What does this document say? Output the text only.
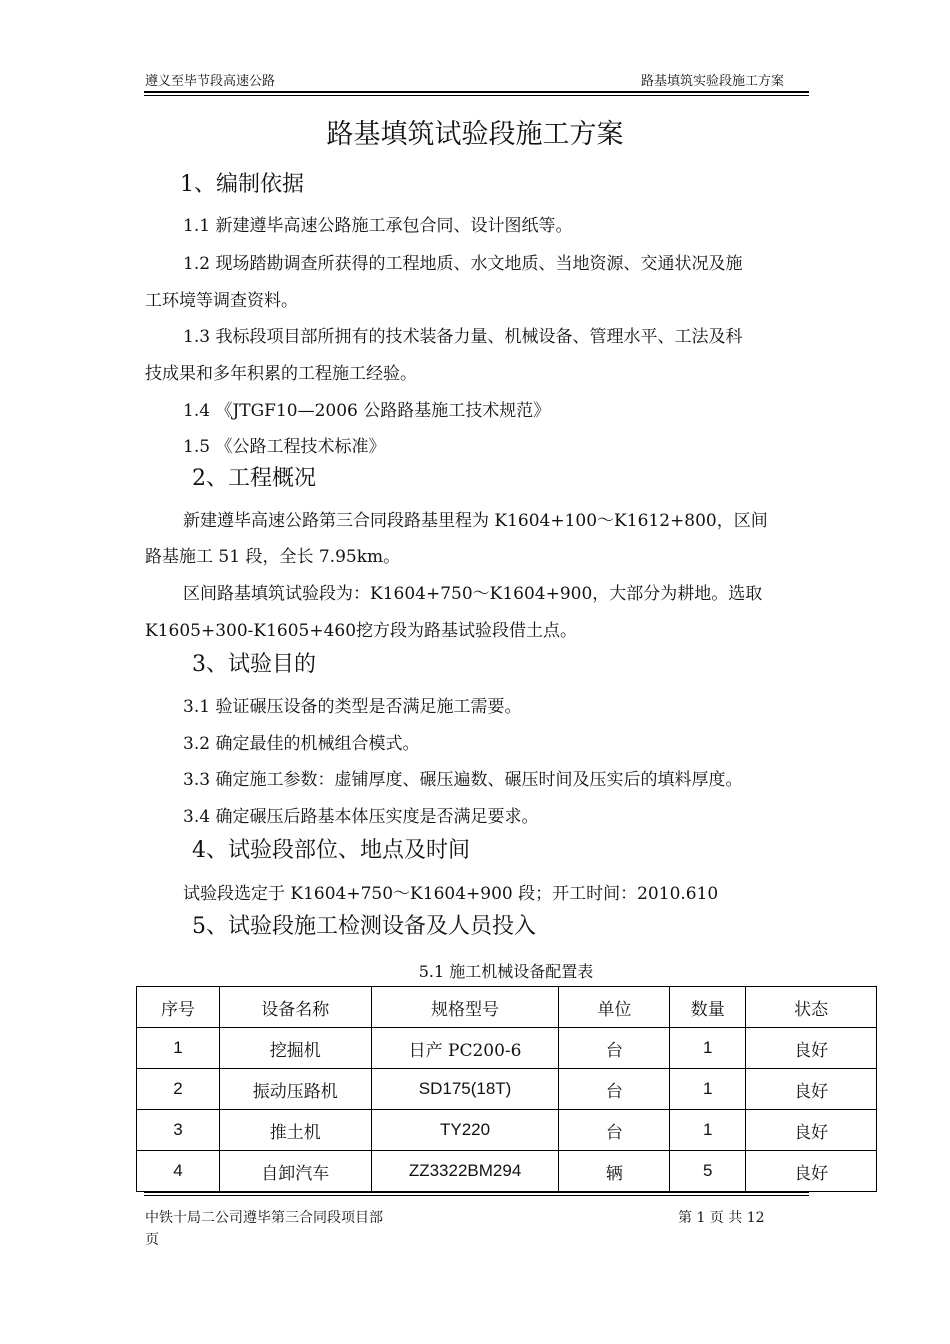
遵义至毕节段高速公路	路基填筑实验段施工方案
路基填筑试验段施工方案
1、编制依据
1.1 新建遵毕高速公路施工承包合同、设计图纸等。
1.2 现场踏勘调查所获得的工程地质、水文地质、当地资源、交通状况及施
工环境等调查资料。
1.3 我标段项目部所拥有的技术装备力量、机械设备、管理水平、工法及科
技成果和多年积累的工程施工经验。
1.4 《JTGF10—2006 公路路基施工技术规范》
1.5 《公路工程技术标准》
2、工程概况
新建遵毕高速公路第三合同段路基里程为 K1604+100～K1612+800，区间
路基施工 51 段，全长 7.95km。
区间路基填筑试验段为：K1604+750～K1604+900，大部分为耕地。选取
K1605+300-K1605+460挖方段为路基试验段借土点。
3、试验目的
3.1 验证碾压设备的类型是否满足施工需要。
3.2 确定最佳的机械组合模式。
3.3 确定施工参数：虚铺厚度、碾压遍数、碾压时间及压实后的填料厚度。
3.4 确定碾压后路基本体压实度是否满足要求。
4、试验段部位、地点及时间
试验段选定于 K1604+750～K1604+900 段；开工时间：2010.610
5、试验段施工检测设备及人员投入
5.1 施工机械设备配置表
序号	设备名称	规格型号	单位	数量	状态
1	挖掘机	日产 PC200-6	台	1	良好
2	振动压路机	SD175(18T)	台	1	良好
3	推土机	TY220	台	1	良好
4	自卸汽车	ZZ3322BM294	辆	5	良好
中铁十局二公司遵毕第三合同段项目部	第 1 页 共 12
页
